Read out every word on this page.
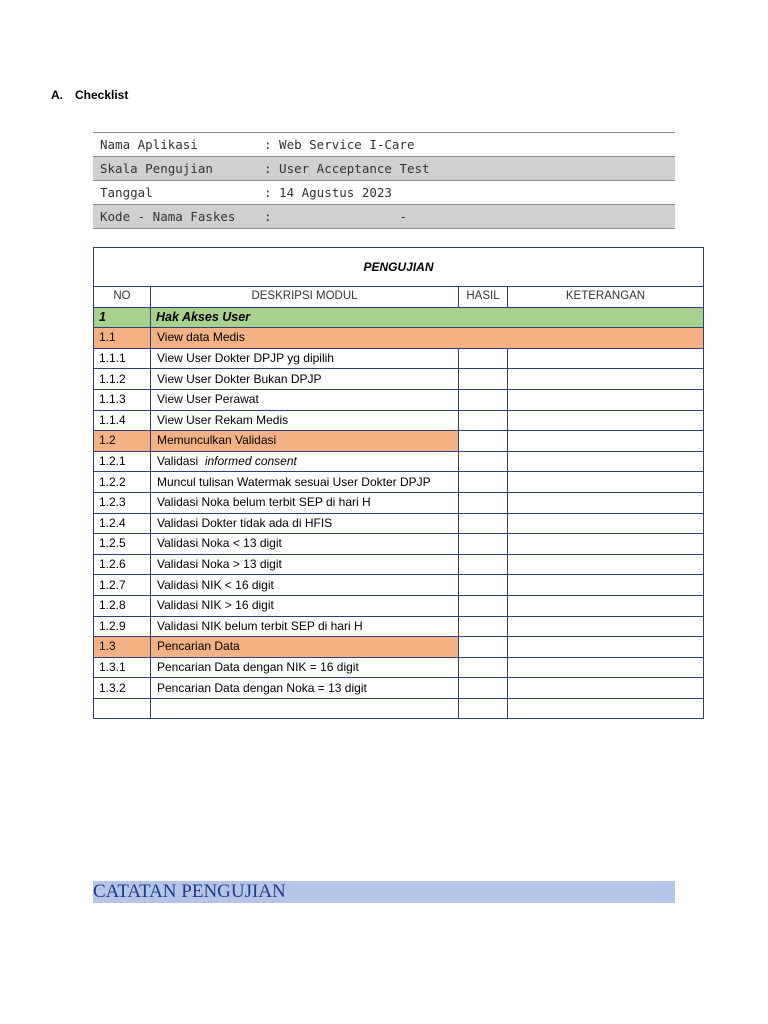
A. Checklist
Nama Aplikasi	: Web Service I-Care
Skala Pengujian	: User Acceptance Test
Tanggal	: 14 Agustus 2023
Kode - Nama Faskes	:                 -
PENGUJIAN			
NO	DESKRIPSI MODUL	HASIL	KETERANGAN
1	Hak Akses User		
1.1	View data Medis		
1.1.1	View User Dokter DPJP yg dipilih		
1.1.2	View User Dokter Bukan DPJP		
1.1.3	View User Perawat		
1.1.4	View User Rekam Medis		
1.2	Memunculkan Validasi		
1.2.1	Validasi informed consent		
1.2.2	Muncul tulisan Watermak sesuai User Dokter DPJP		
1.2.3	Validasi Noka belum terbit SEP di hari H		
1.2.4	Validasi Dokter tidak ada di HFIS		
1.2.5	Validasi Noka < 13 digit		
1.2.6	Validasi Noka > 13 digit		
1.2.7	Validasi NIK < 16 digit		
1.2.8	Validasi NIK > 16 digit		
1.2.9	Validasi NIK belum terbit SEP di hari H		
1.3	Pencarian Data		
1.3.1	Pencarian Data dengan NIK = 16 digit		
1.3.2	Pencarian Data dengan Noka = 13 digit		

CATATAN PENGUJIAN
